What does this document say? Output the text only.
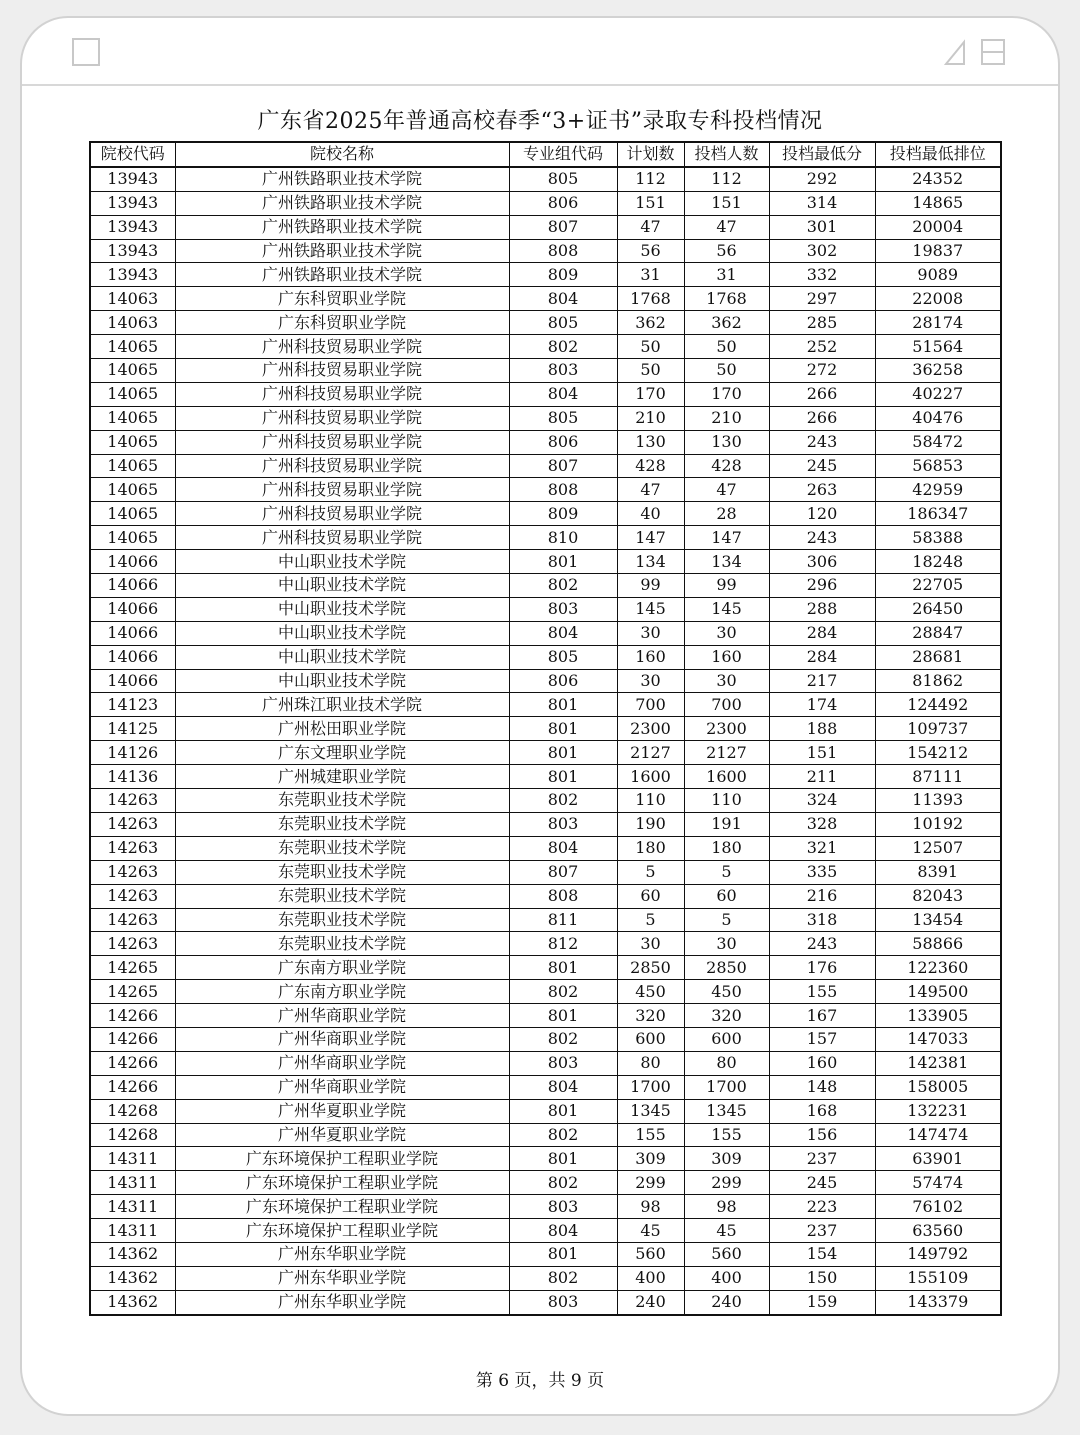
广东省2025年普通高校春季“3+证书”录取专科投档情况
院校代码	院校名称	专业组代码	计划数	投档人数	投档最低分	投档最低排位
13943	广州铁路职业技术学院	805	112	112	292	24352
13943	广州铁路职业技术学院	806	151	151	314	14865
13943	广州铁路职业技术学院	807	47	47	301	20004
13943	广州铁路职业技术学院	808	56	56	302	19837
13943	广州铁路职业技术学院	809	31	31	332	9089
14063	广东科贸职业学院	804	1768	1768	297	22008
14063	广东科贸职业学院	805	362	362	285	28174
14065	广州科技贸易职业学院	802	50	50	252	51564
14065	广州科技贸易职业学院	803	50	50	272	36258
14065	广州科技贸易职业学院	804	170	170	266	40227
14065	广州科技贸易职业学院	805	210	210	266	40476
14065	广州科技贸易职业学院	806	130	130	243	58472
14065	广州科技贸易职业学院	807	428	428	245	56853
14065	广州科技贸易职业学院	808	47	47	263	42959
14065	广州科技贸易职业学院	809	40	28	120	186347
14065	广州科技贸易职业学院	810	147	147	243	58388
14066	中山职业技术学院	801	134	134	306	18248
14066	中山职业技术学院	802	99	99	296	22705
14066	中山职业技术学院	803	145	145	288	26450
14066	中山职业技术学院	804	30	30	284	28847
14066	中山职业技术学院	805	160	160	284	28681
14066	中山职业技术学院	806	30	30	217	81862
14123	广州珠江职业技术学院	801	700	700	174	124492
14125	广州松田职业学院	801	2300	2300	188	109737
14126	广东文理职业学院	801	2127	2127	151	154212
14136	广州城建职业学院	801	1600	1600	211	87111
14263	东莞职业技术学院	802	110	110	324	11393
14263	东莞职业技术学院	803	190	191	328	10192
14263	东莞职业技术学院	804	180	180	321	12507
14263	东莞职业技术学院	807	5	5	335	8391
14263	东莞职业技术学院	808	60	60	216	82043
14263	东莞职业技术学院	811	5	5	318	13454
14263	东莞职业技术学院	812	30	30	243	58866
14265	广东南方职业学院	801	2850	2850	176	122360
14265	广东南方职业学院	802	450	450	155	149500
14266	广州华商职业学院	801	320	320	167	133905
14266	广州华商职业学院	802	600	600	157	147033
14266	广州华商职业学院	803	80	80	160	142381
14266	广州华商职业学院	804	1700	1700	148	158005
14268	广州华夏职业学院	801	1345	1345	168	132231
14268	广州华夏职业学院	802	155	155	156	147474
14311	广东环境保护工程职业学院	801	309	309	237	63901
14311	广东环境保护工程职业学院	802	299	299	245	57474
14311	广东环境保护工程职业学院	803	98	98	223	76102
14311	广东环境保护工程职业学院	804	45	45	237	63560
14362	广州东华职业学院	801	560	560	154	149792
14362	广州东华职业学院	802	400	400	150	155109
14362	广州东华职业学院	803	240	240	159	143379
第 6 页，共 9 页
